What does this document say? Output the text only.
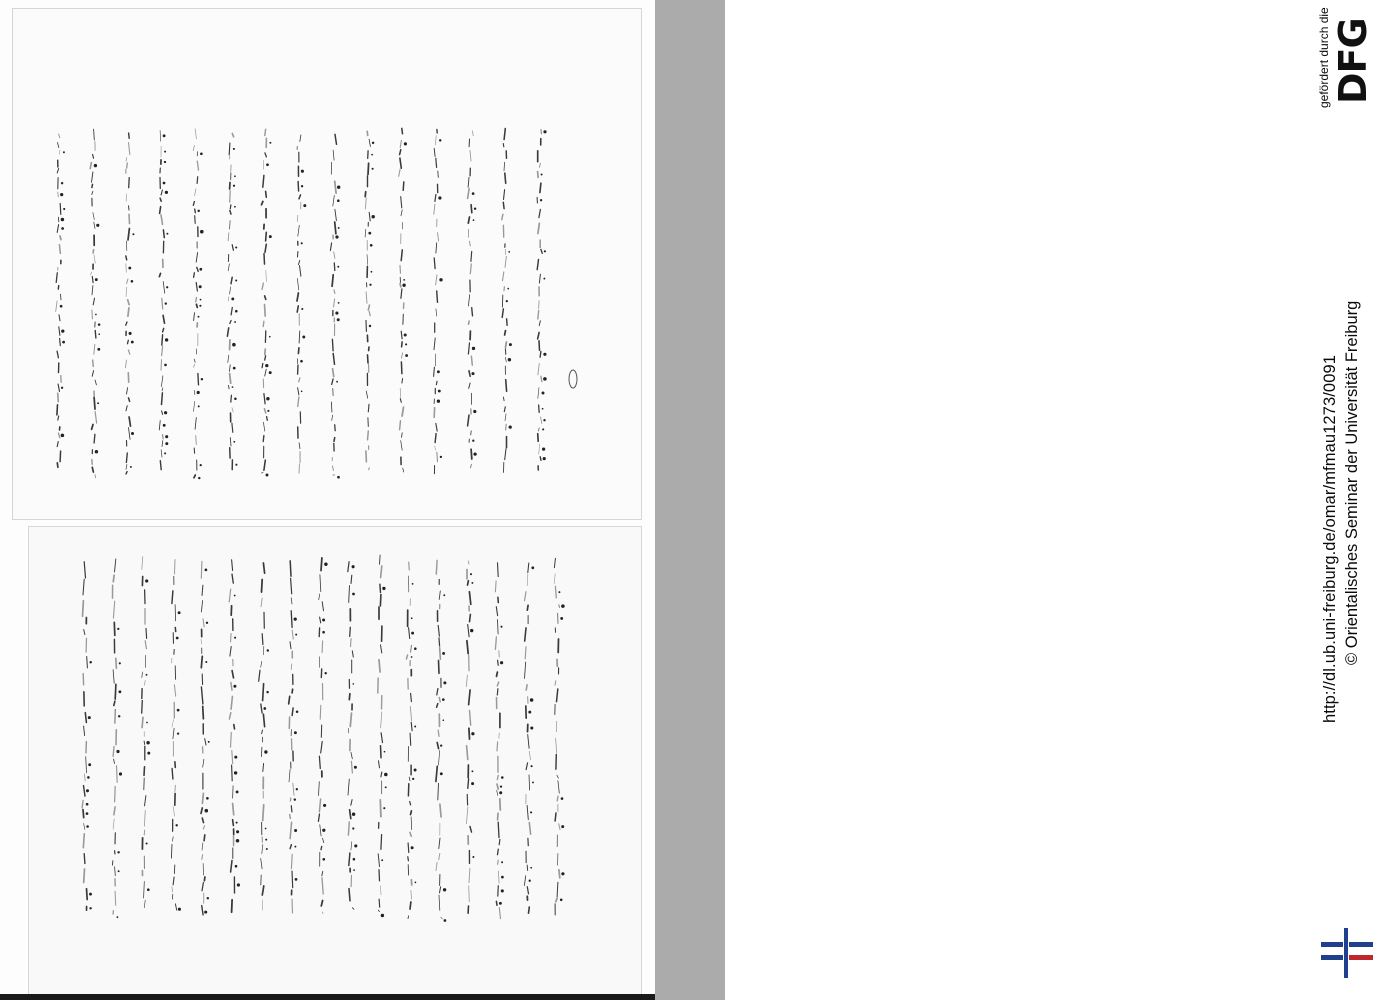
DFG
gefördert durch die
http://dl.ub.uni-freiburg.de/omar/mfmau1273/0091 © Orientalisches Seminar der Universität Freiburg
